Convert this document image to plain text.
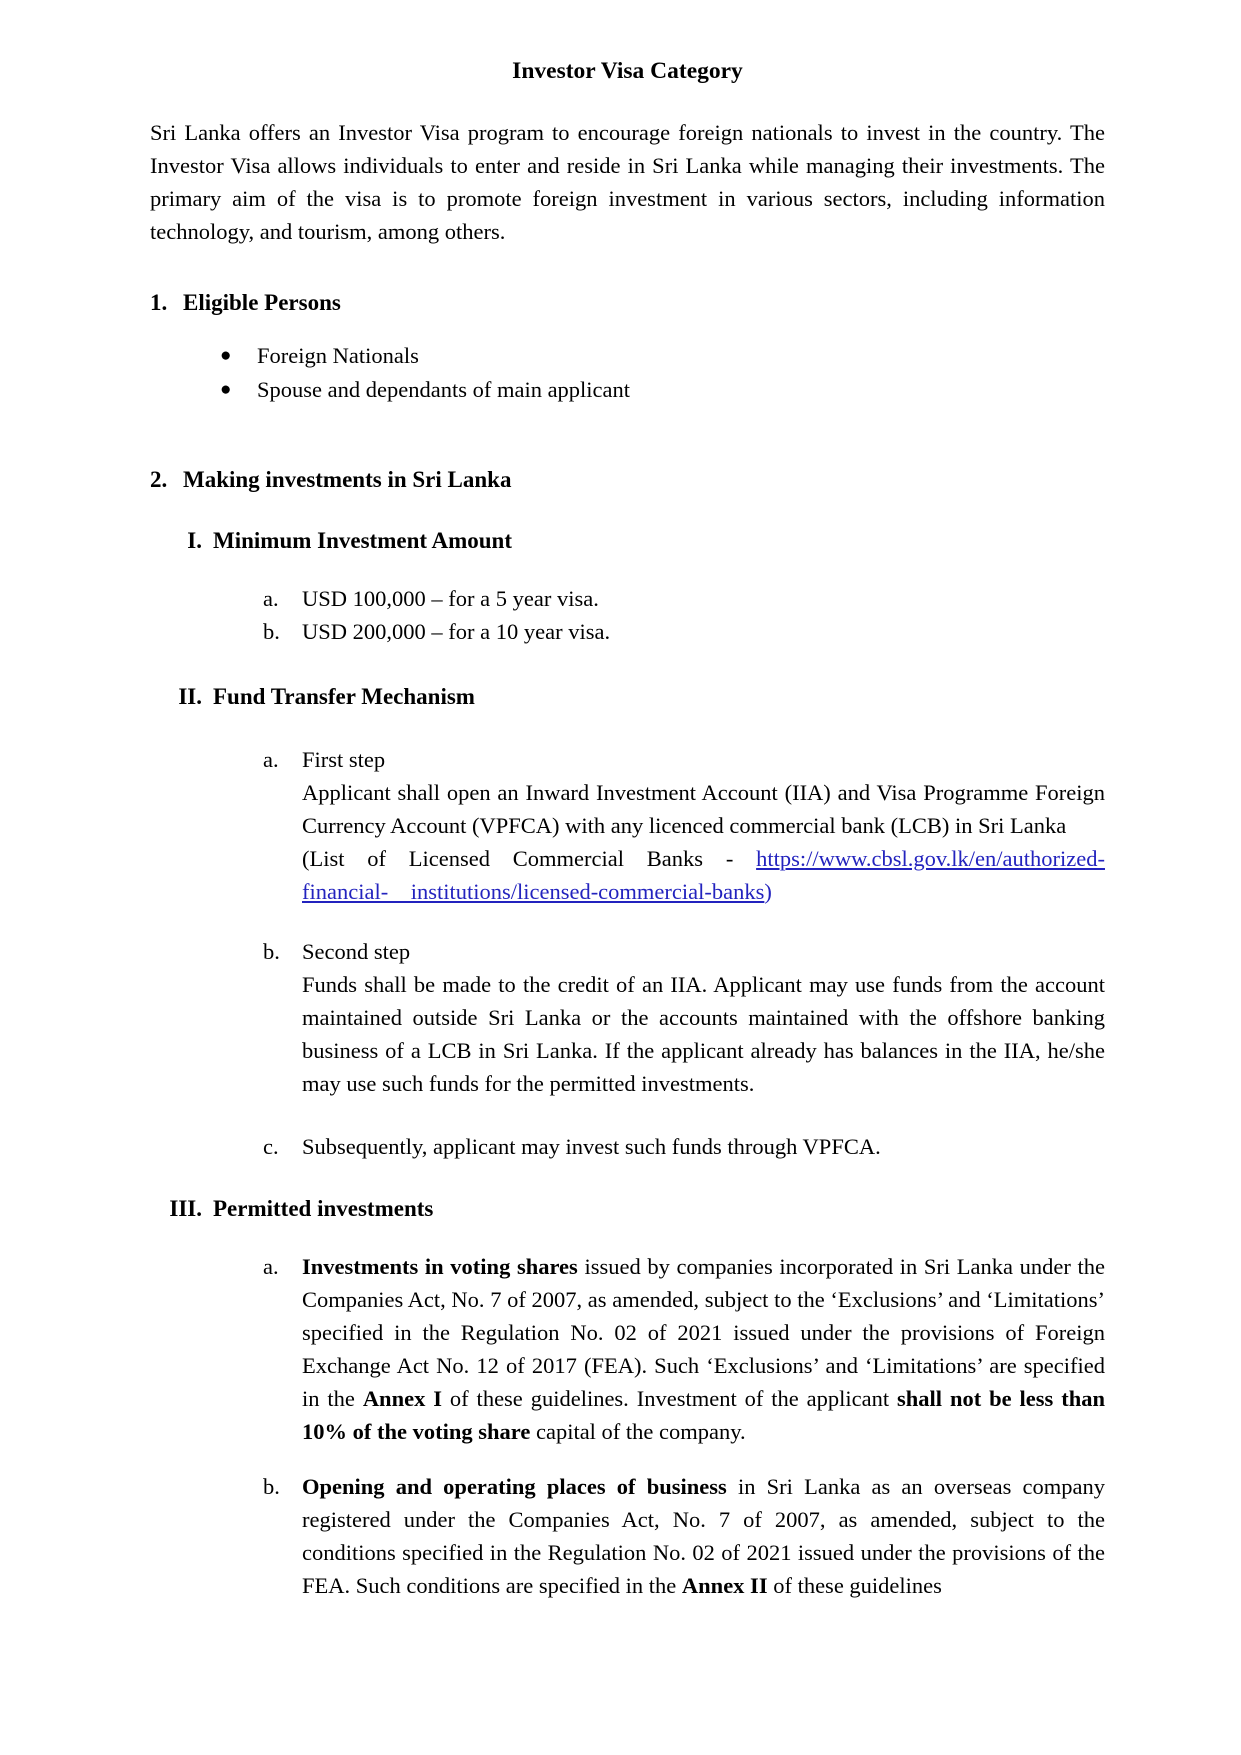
Investor Visa Category

Sri Lanka offers an Investor Visa program to encourage foreign nationals to invest in the country. The Investor Visa allows individuals to enter and reside in Sri Lanka while managing their investments. The primary aim of the visa is to promote foreign investment in various sectors, including information technology, and tourism, among others.

1. Eligible Persons
●	Foreign Nationals
●	Spouse and dependants of main applicant
2. Making investments in Sri Lanka
I. Minimum Investment Amount
a.	USD 100,000 – for a 5 year visa.
b. USD 200,000 – for a 10 year visa.
II. Fund Transfer Mechanism
a.	First step
Applicant shall open an Inward Investment Account (IIA) and Visa Programme Foreign Currency Account (VPFCA) with any licenced commercial bank (LCB) in Sri Lanka
(List of Licensed Commercial Banks - https://www.cbsl.gov.lk/en/authorized-
financial-    institutions/licensed-commercial-banks)
b. Second step
Funds shall be made to the credit of an IIA. Applicant may use funds from the account maintained outside Sri Lanka or the accounts maintained with the offshore banking business of a LCB in Sri Lanka. If the applicant already has balances in the IIA, he/she may use such funds for the permitted investments.
c.	Subsequently, applicant may invest such funds through VPFCA.
III. Permitted investments
a.	Investments in voting shares issued by companies incorporated in Sri Lanka under the Companies Act, No. 7 of 2007, as amended, subject to the ‘Exclusions’ and ‘Limitations’ specified in the Regulation No. 02 of 2021 issued under the provisions of Foreign Exchange Act No. 12 of 2017 (FEA). Such ‘Exclusions’ and ‘Limitations’ are specified in the Annex I of these guidelines. Investment of the applicant shall not be less than 10% of the voting share capital of the company.
b. Opening and operating places of business in Sri Lanka as an overseas company registered under the Companies Act, No. 7 of 2007, as amended, subject to the conditions specified in the Regulation No. 02 of 2021 issued under the provisions of the FEA. Such conditions are specified in the Annex II of these guidelines
